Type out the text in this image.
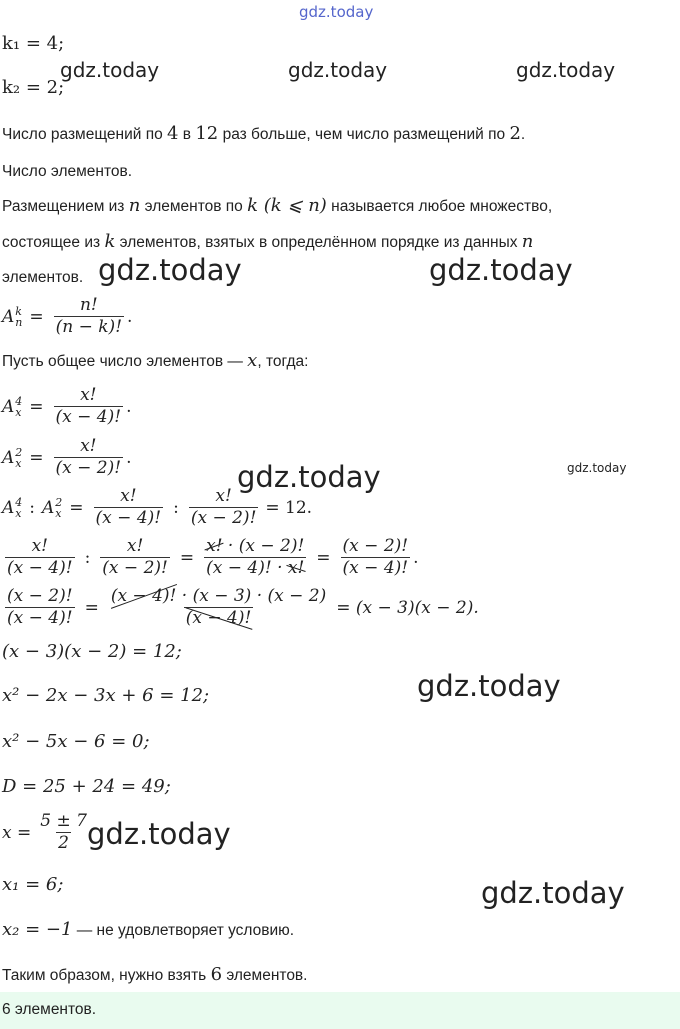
gdz.today
gdz.today	gdz.today	gdz.today
gdz.today	gdz.today
gdz.today
gdz.today
gdz.today
gdz.today
gdz.today
k₁ = 4;
k₂ = 2;
Число размещений по 4 в 12 раз больше, чем число размещений по 2.
Число элементов.
Размещением из n элементов по k (k ⩽ n) называется любое множество,
состоящее из k элементов, взятых в определённом порядке из данных n
элементов.
A k
$n = \frac{n!}{(n - k)!}$ .
Пусть общее число элементов — x, тогда:
A 4
$x = \frac{x!}{(x - 4)!}$ .
A 2
$x = \frac{x!}{(x - 2)!}$ .
A 4
x : A 2
$x = \frac{x!}{(x - 4)!}$ : $\frac{x!}{(x - 2)!} = 12$.
$\frac{x!}{(x - 4)!}$ : $\frac{x!}{(x - 2)!} = \frac{x! \cdot (x - 2)!}{(x - 4)! \cdot x!} = \frac{(x - 2)!}{(x - 4)!}$ .
$\frac{(x - 2)!}{(x - 4)!} = \frac{(x - 4)! \cdot (x - 3) \cdot (x - 2)}{(x - 4)!} = (x - 3)(x - 2)$.
(x − 3)(x − 2) = 12;
x² − 2x − 3x + 6 = 12;
x² − 5x − 6 = 0;
D = 25 + 24 = 49;
$x = \frac{5 \pm 7}{2}$
x₁ = 6;
x₂ = −1 — не удовлетворяет условию.
Таким образом, нужно взять 6 элементов.
6 элементов.
